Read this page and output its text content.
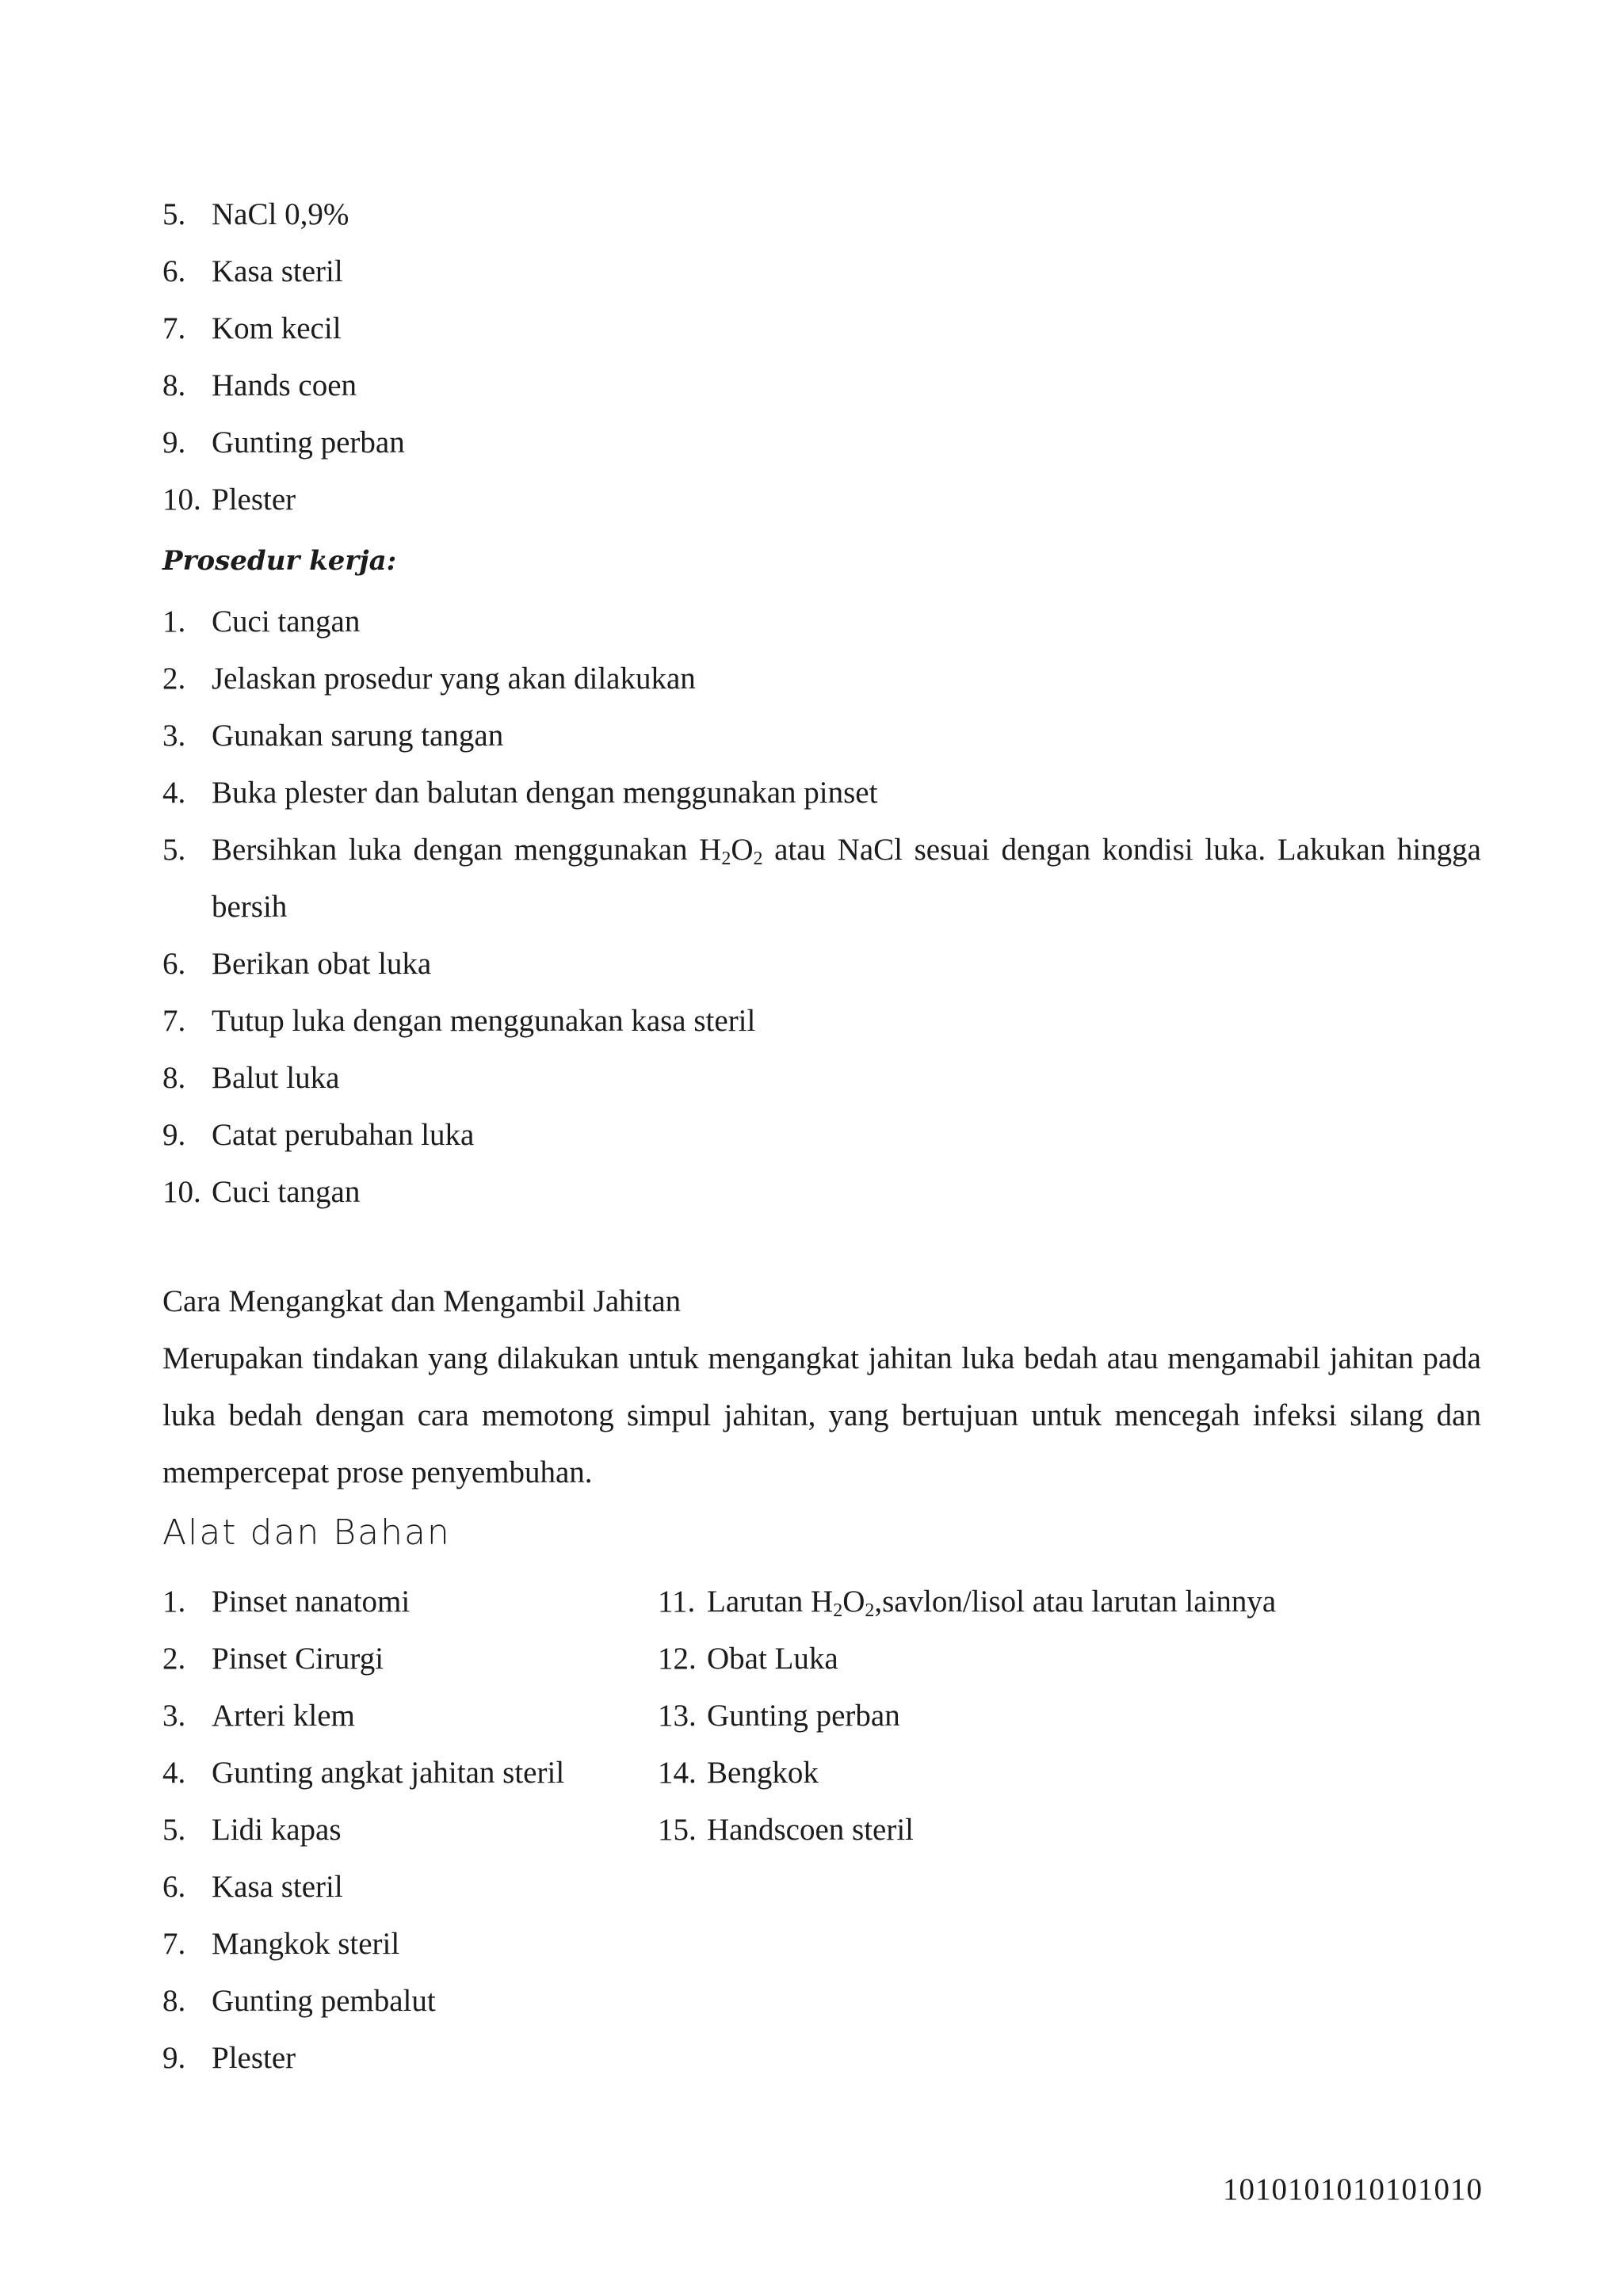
5. NaCl 0,9%
6. Kasa steril
7. Kom kecil
8. Hands coen
9. Gunting perban
10. Plester
Prosedur kerja:
1. Cuci tangan
2. Jelaskan prosedur yang akan dilakukan
3. Gunakan sarung tangan
4. Buka plester dan balutan dengan menggunakan pinset
5. Bersihkan luka dengan menggunakan $H_2O_2$ atau NaCl sesuai dengan kondisi luka. Lakukan hingga bersih
6. Berikan obat luka
7. Tutup luka dengan menggunakan kasa steril
8. Balut luka
9. Catat perubahan luka
10. Cuci tangan
Cara Mengangkat dan Mengambil Jahitan
Merupakan tindakan yang dilakukan untuk mengangkat jahitan luka bedah atau mengamabil jahitan pada luka bedah dengan cara memotong simpul jahitan, yang bertujuan untuk mencegah infeksi silang dan mempercepat prose penyembuhan.
Alat dan Bahan
1. Pinset nanatomi
2. Pinset Cirurgi
3. Arteri klem
4. Gunting angkat jahitan steril
5. Lidi kapas
6. Kasa steril
7. Mangkok steril
8. Gunting pembalut
9. Plester
11. Larutan $H_2O_2,savlon$/lisol atau larutan lainnya
12. Obat Luka
13. Gunting perban
14. Bengkok
15. Handscoen steril
1010101010101010
